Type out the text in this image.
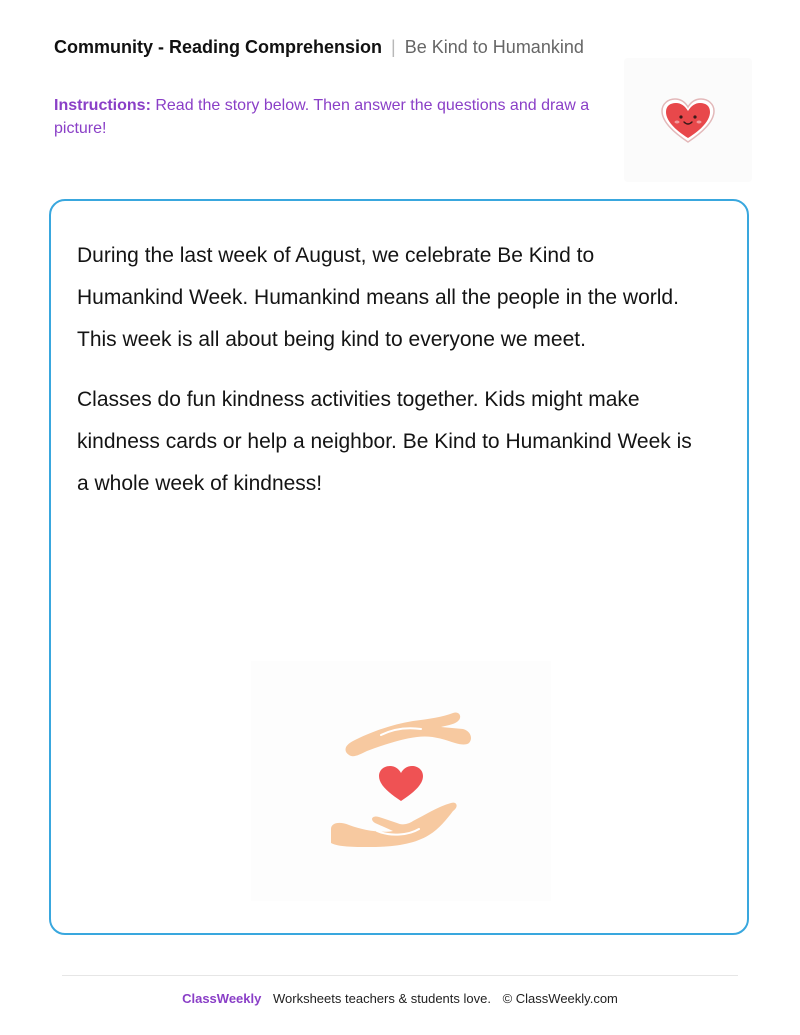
Community - Reading Comprehension | Be Kind to Humankind
Instructions: Read the story below. Then answer the questions and draw a picture!

During the last week of August, we celebrate Be Kind to Humankind Week. Humankind means all the people in the world. This week is all about being kind to everyone we meet.

Classes do fun kindness activities together. Kids might make kindness cards or help a neighbor. Be Kind to Humankind Week is a whole week of kindness!

ClassWeekly Worksheets teachers & students love. © ClassWeekly.com
